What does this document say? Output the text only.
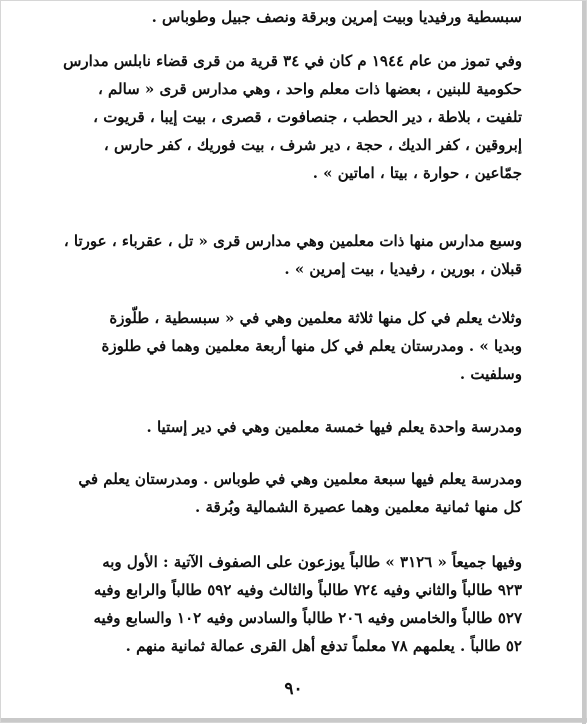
سبسطية ورفيديا وبيت إمرين وبرقة ونصف جبيل وطوباس .

وفي تموز من عام ١٩٤٤ م كان في ٣٤ قرية من قرى قضاء نابلس مدارس
حكومية للبنين ، بعضها ذات معلم واحد ، وهي مدارس قرى « سالم ،
تلفيت ، بلاطة ، دير الحطب ، جنصافوت ، قصرى ، بيت إيبا ، قريوت ،
إبروقين ، كفر الديك ، حجة ، دير شرف ، بيت فوريك ، كفر حارس ،
جمّاعين ، حوارة ، بيتا ، اماتين » .

وسبع مدارس منها ذات معلمين وهي مدارس قرى « تل ، عقرباء ، عورتا ،
قبلان ، بورين ، رفيديا ، بيت إمرين » .

وثلاث يعلم في كل منها ثلاثة معلمين وهي في « سبسطية ، طلّوزة
وبديا » . ومدرستان يعلم في كل منها أربعة معلمين وهما في طلوزة
وسلفيت .

ومدرسة واحدة يعلم فيها خمسة معلمين وهي في دير إستيا .

ومدرسة يعلم فيها سبعة معلمين وهي في طوباس . ومدرستان يعلم في
كل منها ثمانية معلمين وهما عصيرة الشمالية وبُرقة .

وفيها جميعاً « ٣١٢٦ » طالباً يوزعون على الصفوف الآتية : الأول وبه
٩٢٣ طالباً والثاني وفيه ٧٢٤ طالباً والثالث وفيه ٥٩٢ طالباً والرابع وفيه
٥٢٧ طالباً والخامس وفيه ٢٠٦ طالباً والسادس وفيه ١٠٢ والسابع وفيه
٥٢ طالباً . يعلمهم ٧٨ معلماً تدفع أهل القرى عمالة ثمانية منهم .

٩٠
